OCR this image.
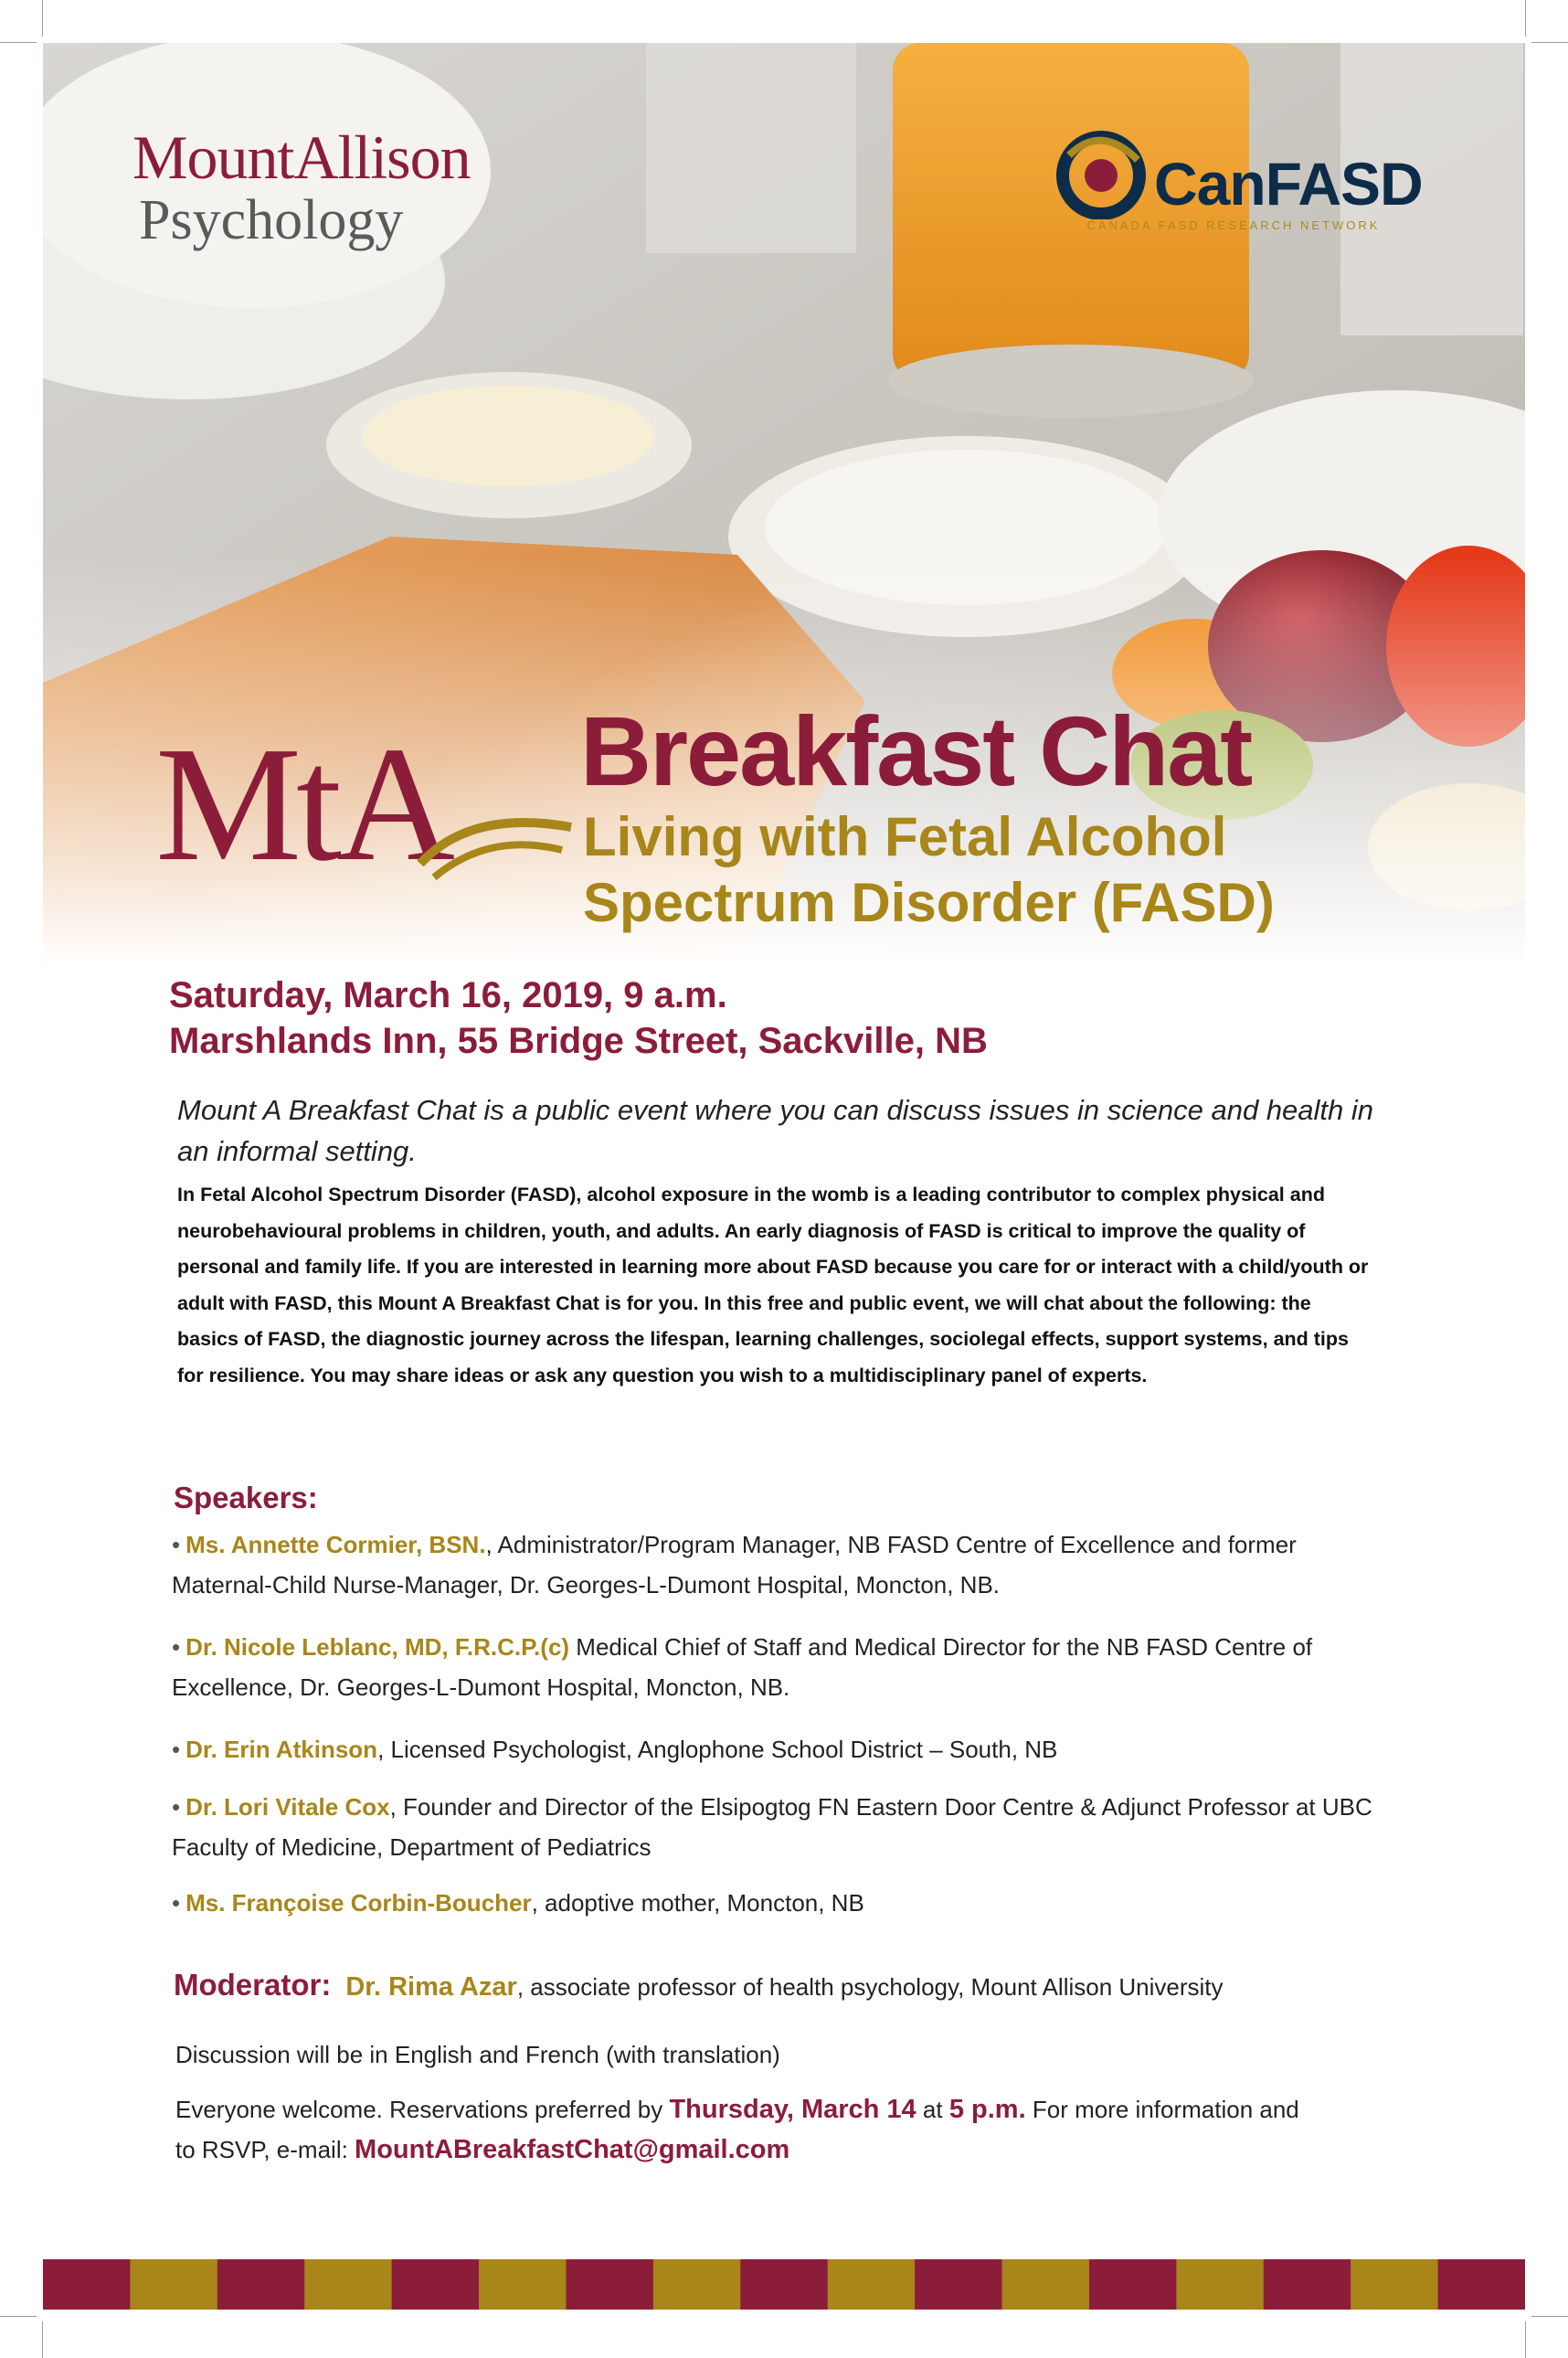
MountAllison
Psychology
CanFASD
CANADA FASD RESEARCH NETWORK
MtA Breakfast Chat
Living with Fetal Alcohol
Spectrum Disorder (FASD)
Saturday, March 16, 2019, 9 a.m.
Marshlands Inn, 55 Bridge Street, Sackville, NB
Mount A Breakfast Chat is a public event where you can discuss issues in science and health in an informal setting.
In Fetal Alcohol Spectrum Disorder (FASD), alcohol exposure in the womb is a leading contributor to complex physical and neurobehavioural problems in children, youth, and adults. An early diagnosis of FASD is critical to improve the quality of personal and family life. If you are interested in learning more about FASD because you care for or interact with a child/youth or adult with FASD, this Mount A Breakfast Chat is for you. In this free and public event, we will chat about the following: the basics of FASD, the diagnostic journey across the lifespan, learning challenges, sociolegal effects, support systems, and tips for resilience. You may share ideas or ask any question you wish to a multidisciplinary panel of experts.
Speakers:
• Ms. Annette Cormier, BSN., Administrator/Program Manager, NB FASD Centre of Excellence and former Maternal-Child Nurse-Manager, Dr. Georges-L-Dumont Hospital, Moncton, NB.
• Dr. Nicole Leblanc, MD, F.R.C.P.(c) Medical Chief of Staff and Medical Director for the NB FASD Centre of Excellence, Dr. Georges-L-Dumont Hospital, Moncton, NB.
• Dr. Erin Atkinson, Licensed Psychologist, Anglophone School District – South, NB
• Dr. Lori Vitale Cox, Founder and Director of the Elsipogtog FN Eastern Door Centre & Adjunct Professor at UBC Faculty of Medicine, Department of Pediatrics
• Ms. Françoise Corbin-Boucher, adoptive mother, Moncton, NB
Moderator: Dr. Rima Azar, associate professor of health psychology, Mount Allison University
Discussion will be in English and French (with translation)
Everyone welcome. Reservations preferred by Thursday, March 14 at 5 p.m. For more information and to RSVP, e-mail: MountABreakfastChat@gmail.com
